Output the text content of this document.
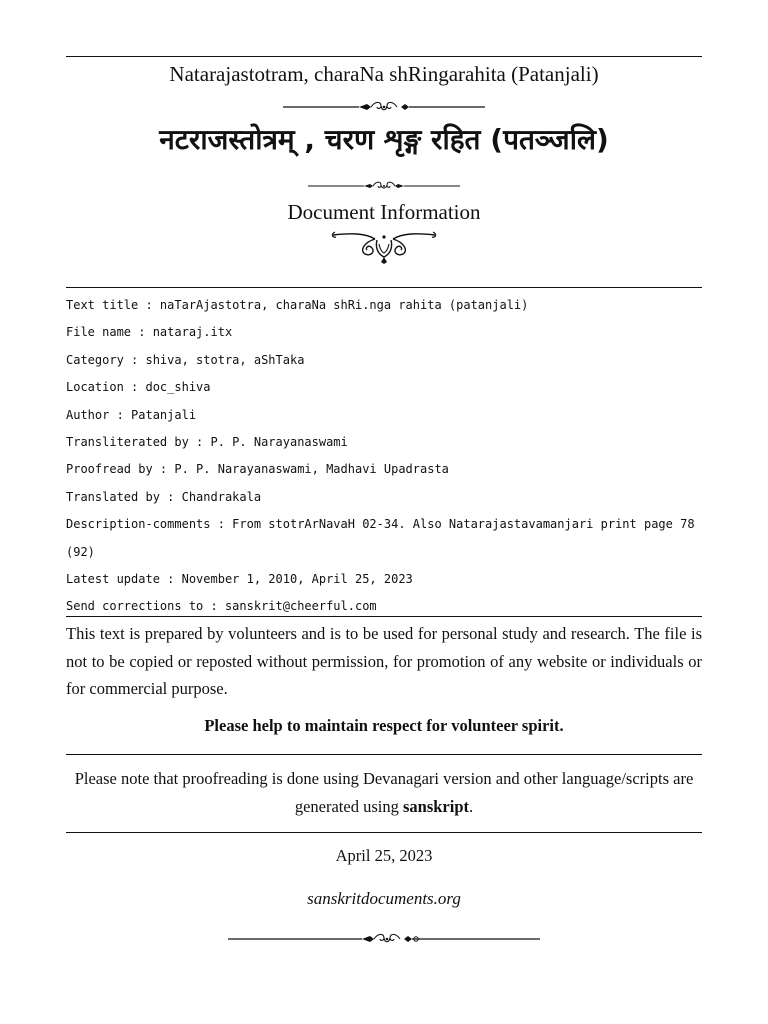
Natarajastotram, charaNa shRingarahita (Patanjali)
नटराजस्तोत्रम् , चरण शृङ्ग रहित (पतञ्जलि)
Document Information
Text title : naTarAjastotra, charaNa shRi.nga rahita (patanjali)
File name : nataraj.itx
Category : shiva, stotra, aShTaka
Location : doc_shiva
Author : Patanjali
Transliterated by : P. P. Narayanaswami
Proofread by : P. P. Narayanaswami, Madhavi Upadrasta
Translated by : Chandrakala
Description-comments : From stotrArNavaH 02-34. Also Natarajastavamanjari print page 78
(92)
Latest update : November 1, 2010, April 25, 2023
Send corrections to : sanskrit@cheerful.com
This text is prepared by volunteers and is to be used for personal study and research. The file is not to be copied or reposted without permission, for promotion of any website or individuals or for commercial purpose.
Please help to maintain respect for volunteer spirit.
Please note that proofreading is done using Devanagari version and other language/scripts are generated using sanskript.
April 25, 2023
sanskritdocuments.org
